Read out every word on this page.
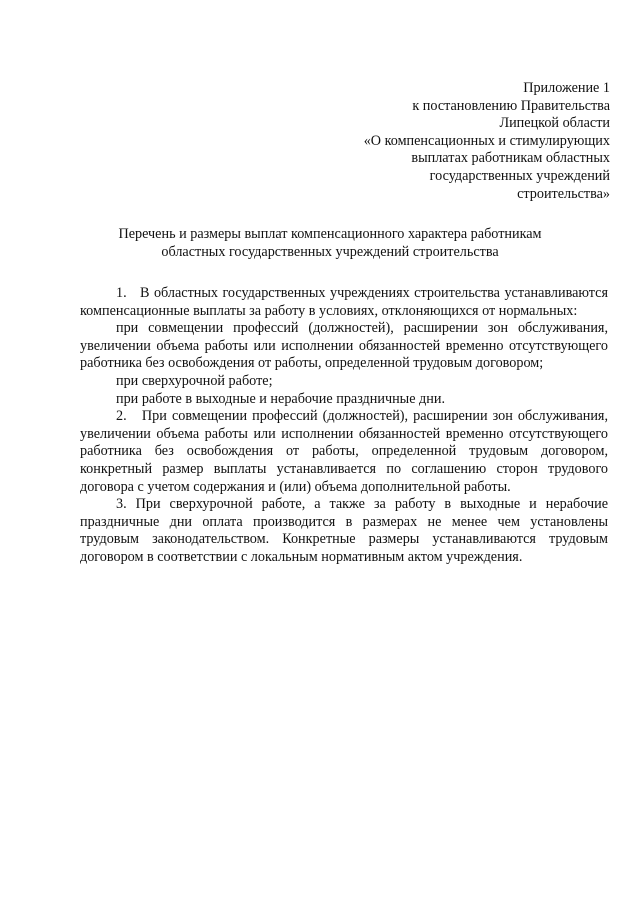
Приложение 1
к постановлению Правительства
Липецкой области
«О компенсационных и стимулирующих
выплатах работникам областных
государственных учреждений
строительства»
Перечень и размеры выплат компенсационного характера работникам
областных государственных учреждений строительства

1.   В областных государственных учреждениях строительства устанавливаются компенсационные выплаты за работу в условиях, отклоняющихся от нормальных:

при совмещении профессий (должностей), расширении зон обслуживания, увеличении объема работы или исполнении обязанностей временно отсутствующего работника без освобождения от работы, определенной трудовым договором;

при сверхурочной работе;

при работе в выходные и нерабочие праздничные дни.

2.   При совмещении профессий (должностей), расширении зон обслуживания, увеличении объема работы или исполнении обязанностей временно отсутствующего работника без освобождения от работы, определенной трудовым договором, конкретный размер выплаты устанавливается по соглашению сторон трудового договора с учетом содержания и (или) объема дополнительной работы.

3. При сверхурочной работе, а также за работу в выходные и нерабочие праздничные дни оплата производится в размерах не менее чем установлены трудовым законодательством. Конкретные размеры устанавливаются трудовым договором в соответствии с локальным нормативным актом учреждения.
